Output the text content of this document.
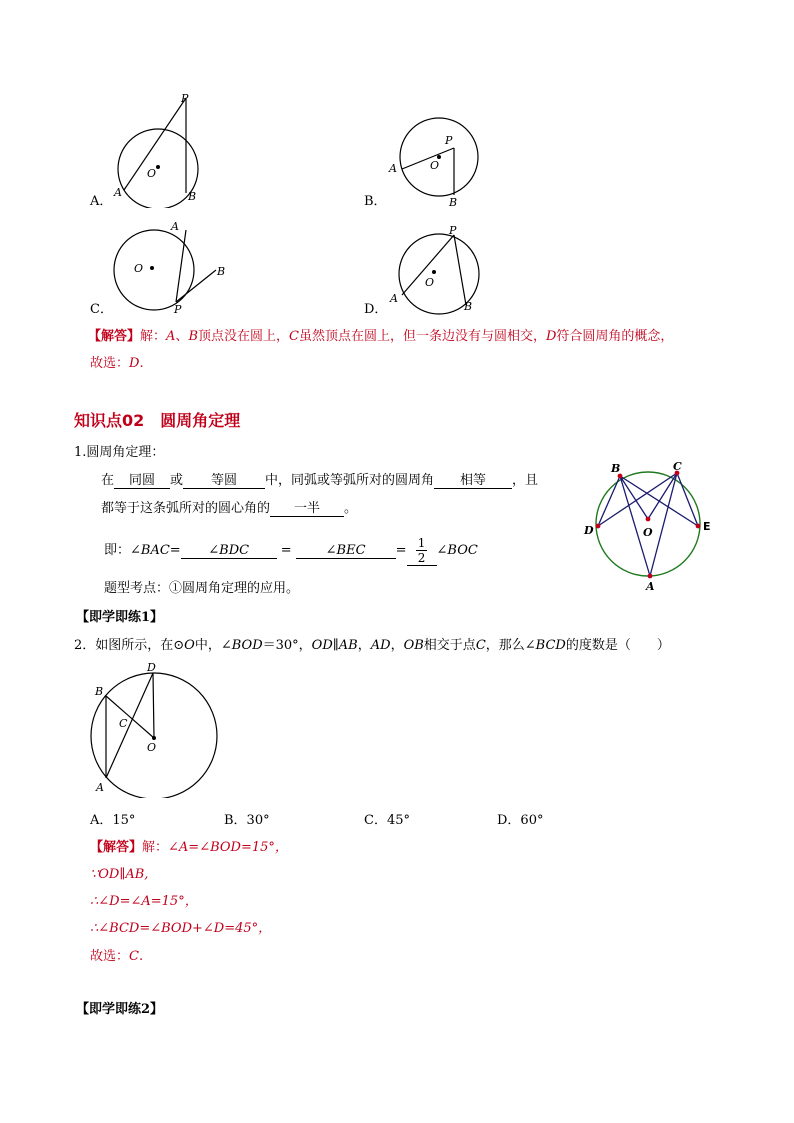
P
O
A	B
A．
P
O
A
B
B．
A
O	B
P
C．
P
O
A
B
D．
【解答】解：A、B顶点没在圆上，C虽然顶点在圆上，但一条边没有与圆相交，D符合圆周角的概念，
故选：D.
知识点02　圆周角定理
1.圆周角定理：
在 同圆 或 等圆 中，同弧或等弧所对的圆周角 相等 ，且
都等于这条弧所对的圆心角的 一半 。
即：∠BAC= ∠BDC =	∠BEC = $\frac{1}{2}$ ∠BOC
题型考点：①圆周角定理的应用。
B	C
D	O	E
A
【即学即练1】
2．如图所示，在⊙O中，∠BOD＝30°，OD∥AB，AD，OB相交于点C，那么∠BCD的度数是（　　）
D
B
C
O
A
A．15°	B．30°	C．45°	D．60°
【解答】解：∠A=∠BOD=15°，
∵OD∥AB,
∴∠D=∠A=15°，
∴∠BCD=∠BOD+∠D=45°，
故选：C.
【即学即练2】
